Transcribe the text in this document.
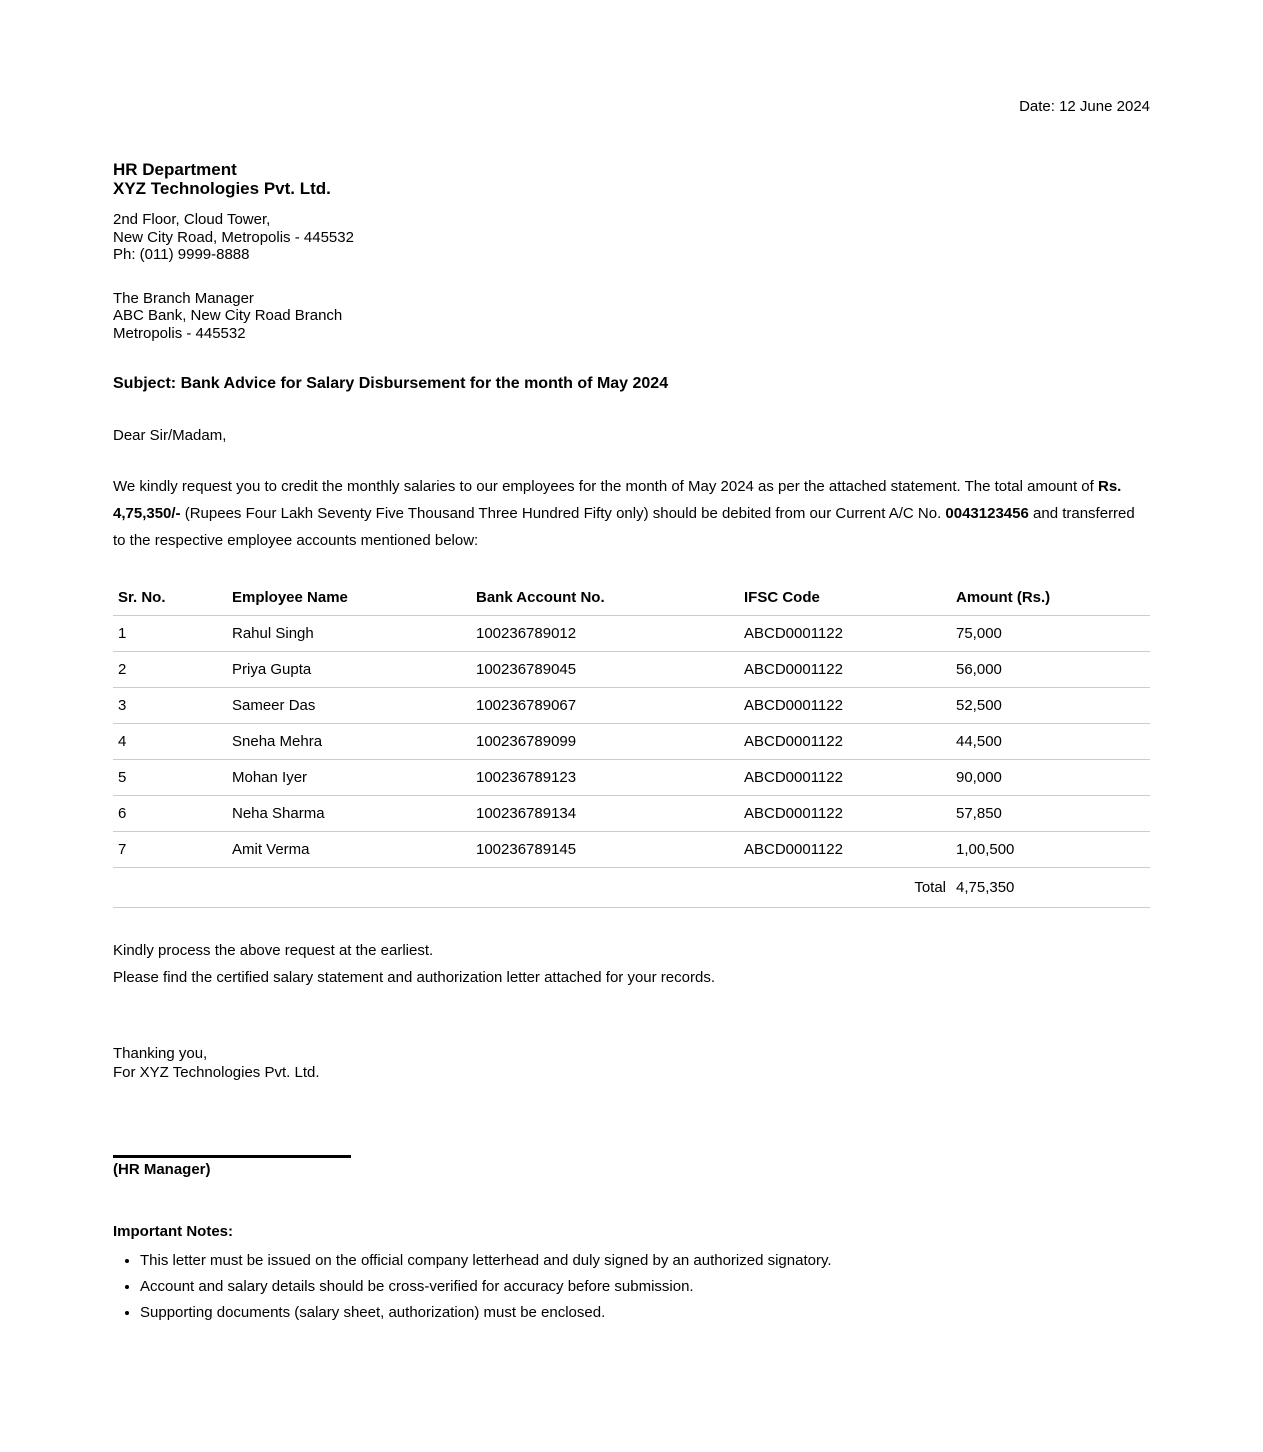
Date: 12 June 2024
HR Department
XYZ Technologies Pvt. Ltd.
2nd Floor, Cloud Tower,
New City Road, Metropolis - 445532
Ph: (011) 9999-8888
The Branch Manager
ABC Bank, New City Road Branch
Metropolis - 445532
Subject: Bank Advice for Salary Disbursement for the month of May 2024
Dear Sir/Madam,

We kindly request you to credit the monthly salaries to our employees for the month of May 2024 as per the attached statement. The total amount of Rs. 4,75,350/- (Rupees Four Lakh Seventy Five Thousand Three Hundred Fifty only) should be debited from our Current A/C No. 0043123456 and transferred to the respective employee accounts mentioned below:

Sr. No.	Employee Name	Bank Account No.	IFSC Code	Amount (Rs.)
1	Rahul Singh	100236789012	ABCD0001122	75,000
2	Priya Gupta	100236789045	ABCD0001122	56,000
3	Sameer Das	100236789067	ABCD0001122	52,500
4	Sneha Mehra	100236789099	ABCD0001122	44,500
5	Mohan Iyer	100236789123	ABCD0001122	90,000
6	Neha Sharma	100236789134	ABCD0001122	57,850
7	Amit Verma	100236789145	ABCD0001122	1,00,500
			Total	4,75,350
Kindly process the above request at the earliest.
Please find the certified salary statement and authorization letter attached for your records.
Thanking you,
For XYZ Technologies Pvt. Ltd.
(HR Manager)
Important Notes:
• This letter must be issued on the official company letterhead and duly signed by an authorized signatory.
• Account and salary details should be cross-verified for accuracy before submission.
• Supporting documents (salary sheet, authorization) must be enclosed.
